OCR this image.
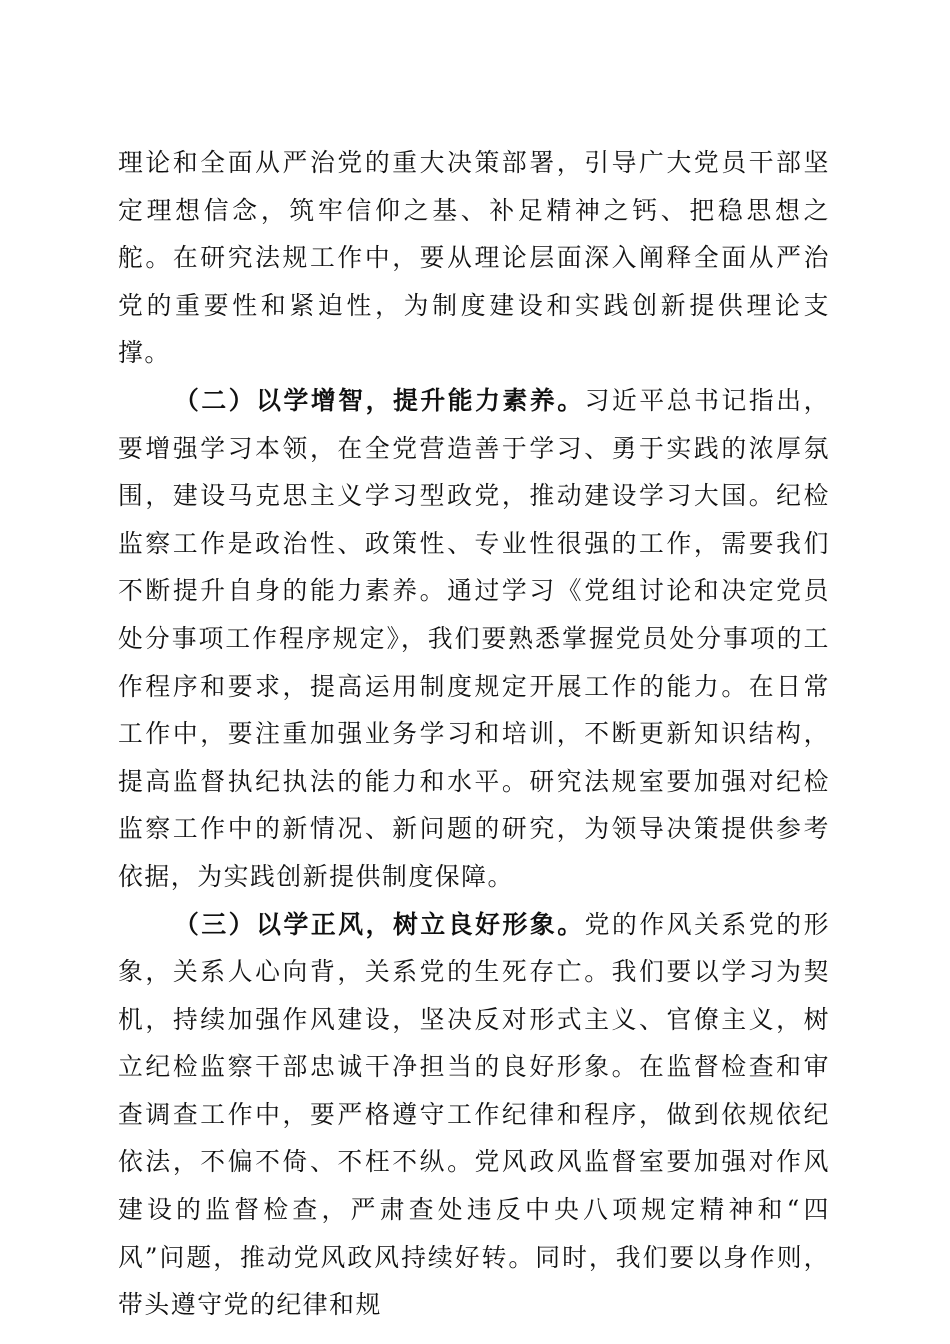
理论和全面从严治党的重大决策部署，引导广大党员干部坚定理想信念，筑牢信仰之基、补足精神之钙、把稳思想之舵。在研究法规工作中，要从理论层面深入阐释全面从严治党的重要性和紧迫性，为制度建设和实践创新提供理论支撑。

（二）以学增智，提升能力素养。习近平总书记指出，要增强学习本领，在全党营造善于学习、勇于实践的浓厚氛围，建设马克思主义学习型政党，推动建设学习大国。纪检监察工作是政治性、政策性、专业性很强的工作，需要我们不断提升自身的能力素养。通过学习《党组讨论和决定党员处分事项工作程序规定》，我们要熟悉掌握党员处分事项的工作程序和要求，提高运用制度规定开展工作的能力。在日常工作中，要注重加强业务学习和培训，不断更新知识结构，提高监督执纪执法的能力和水平。研究法规室要加强对纪检监察工作中的新情况、新问题的研究，为领导决策提供参考依据，为实践创新提供制度保障。

（三）以学正风，树立良好形象。党的作风关系党的形象，关系人心向背，关系党的生死存亡。我们要以学习为契机，持续加强作风建设，坚决反对形式主义、官僚主义，树立纪检监察干部忠诚干净担当的良好形象。在监督检查和审查调查工作中，要严格遵守工作纪律和程序，做到依规依纪依法，不偏不倚、不枉不纵。党风政风监督室要加强对作风建设的监督检查，严肃查处违反中央八项规定精神和“四风”问题，推动党风政风持续好转。同时，我们要以身作则，带头遵守党的纪律和规
